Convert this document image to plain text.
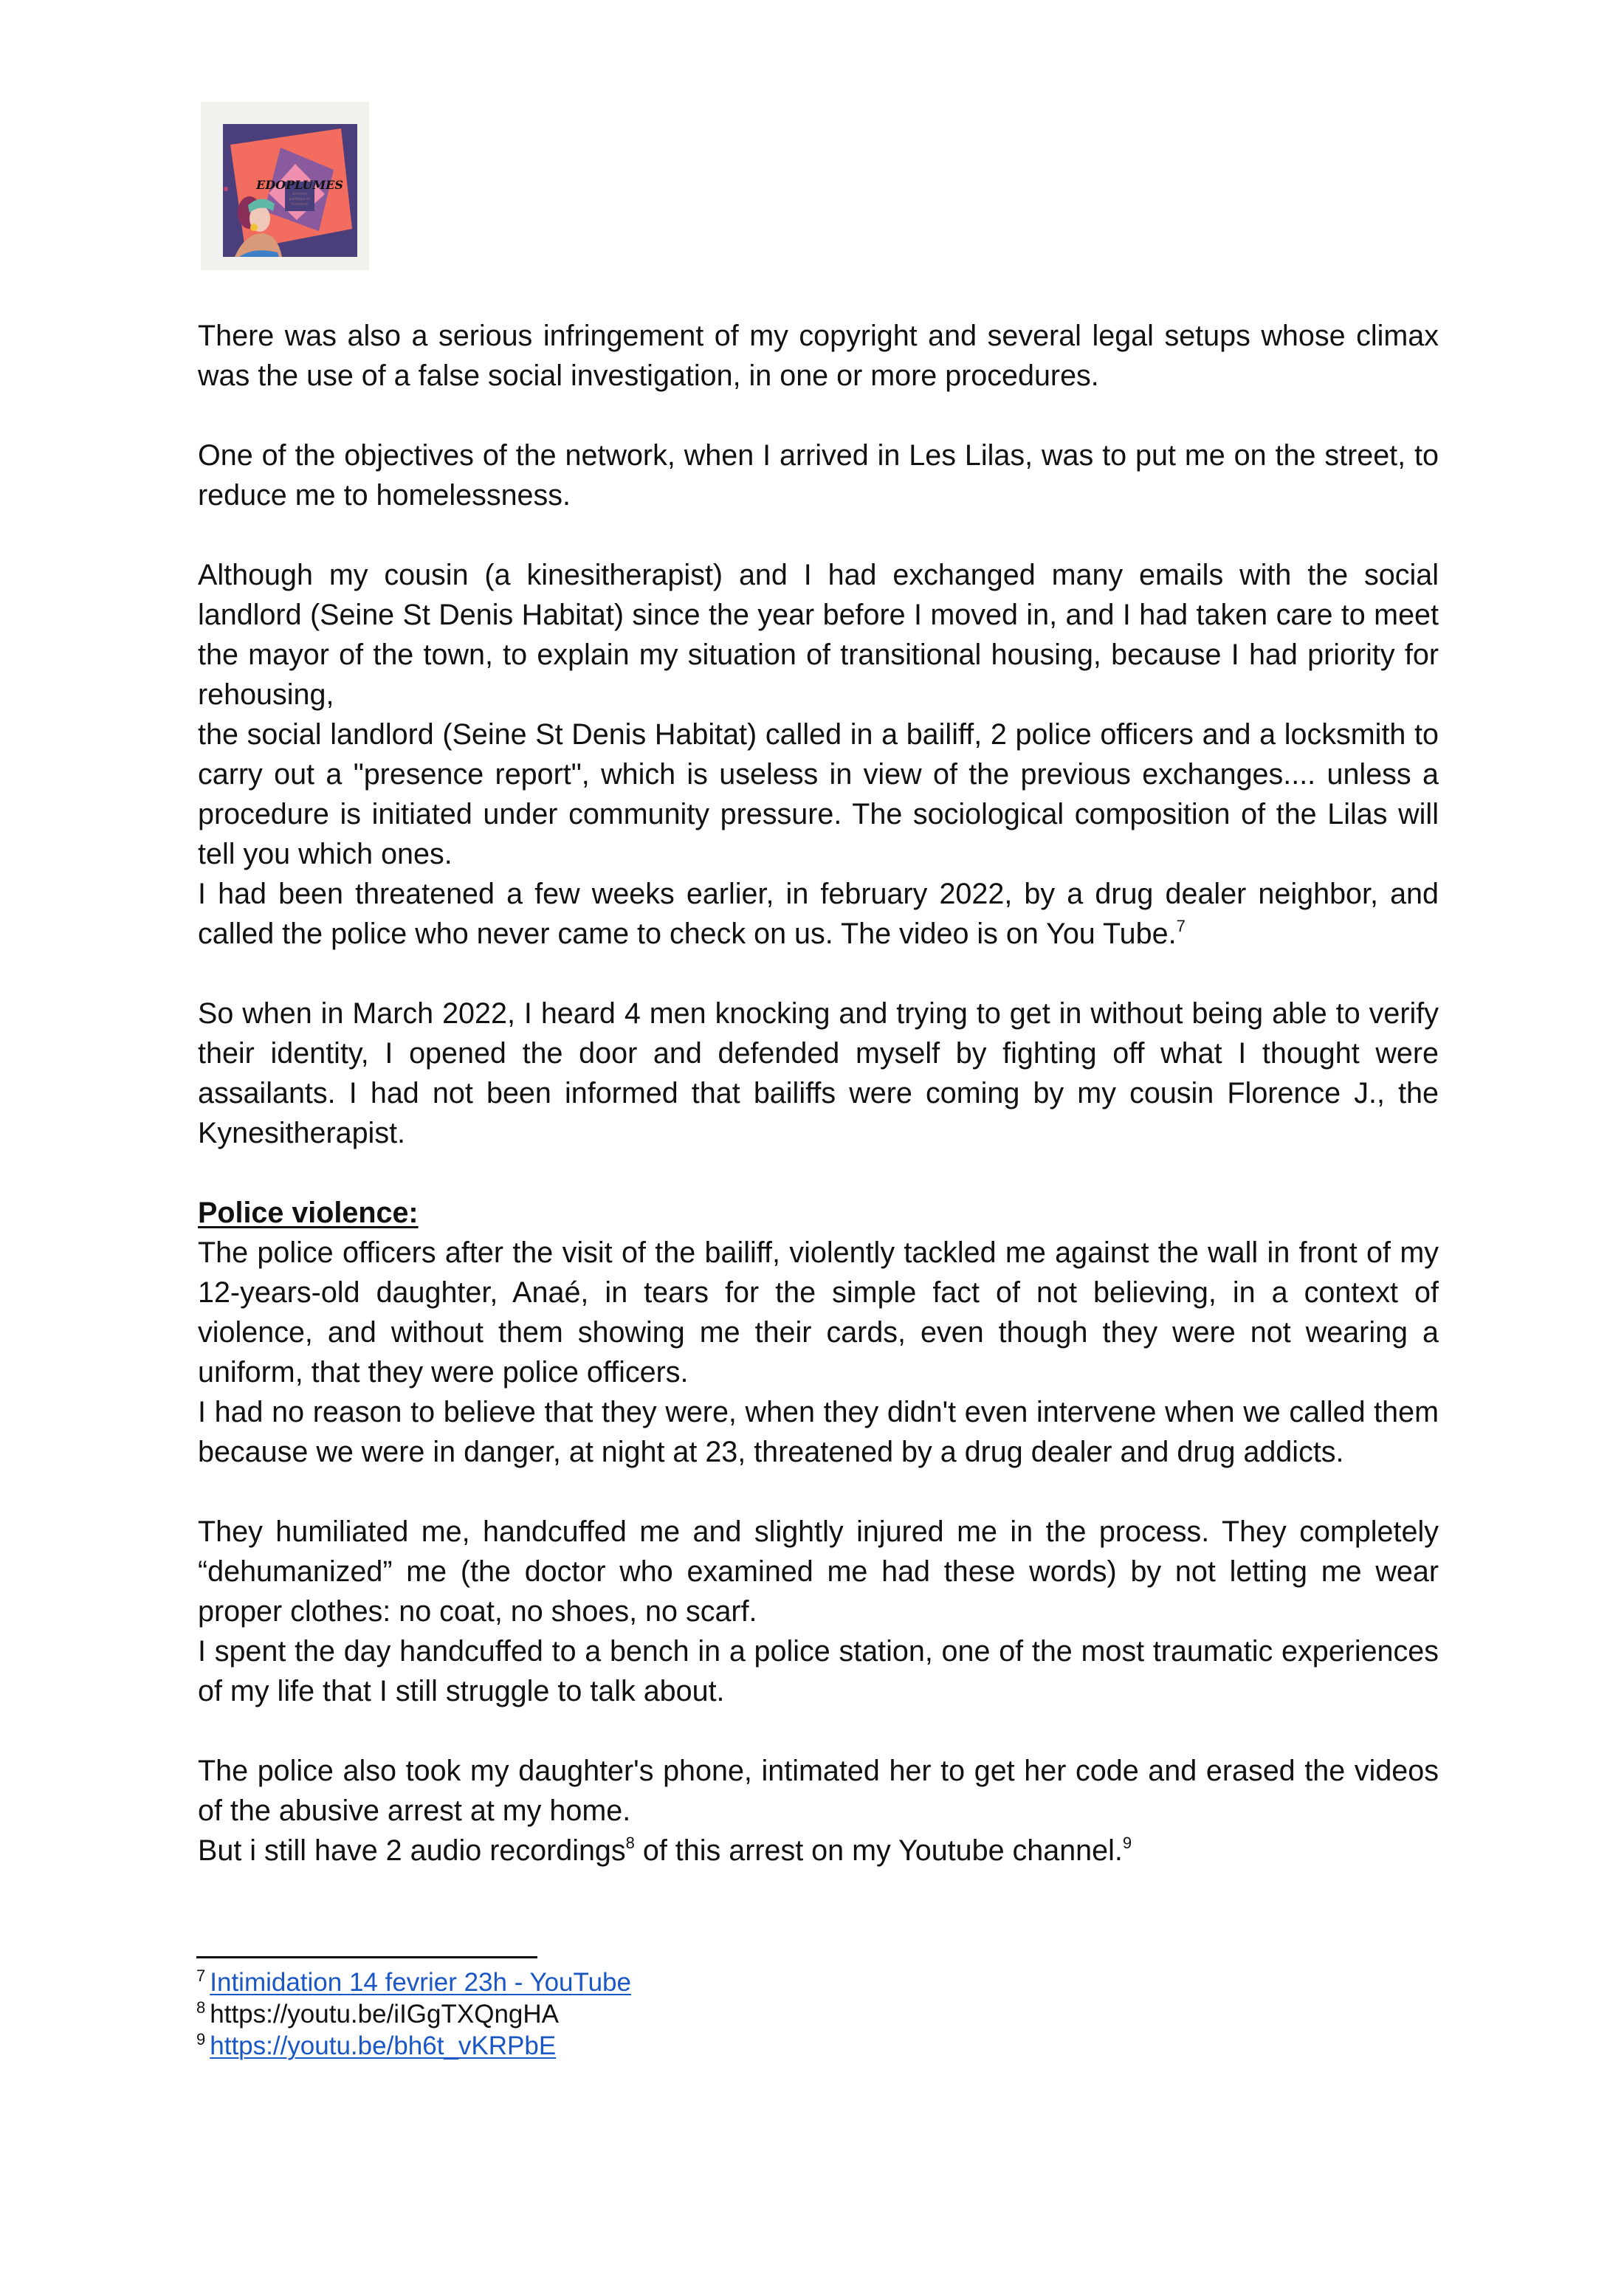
EDOPLUMES
écriture
politique et
humaine

There was also a serious infringement of my copyright and several legal setups whose climax was the use of a false social investigation, in one or more procedures.

One of the objectives of the network, when I arrived in Les Lilas, was to put me on the street, to reduce me to homelessness.

Although my cousin (a kinesitherapist) and I had exchanged many emails with the social landlord (Seine St Denis Habitat) since the year before I moved in, and I had taken care to meet the mayor of the town, to explain my situation of transitional housing, because I had priority for rehousing,

the social landlord (Seine St Denis Habitat) called in a bailiff, 2 police officers and a locksmith to carry out a "presence report", which is useless in view of the previous exchanges.... unless a procedure is initiated under community pressure. The sociological composition of the Lilas will tell you which ones.

I had been threatened a few weeks earlier, in february 2022, by a drug dealer neighbor, and called the police who never came to check on us. The video is on You Tube.$^7$

So when in March 2022, I heard 4 men knocking and trying to get in without being able to verify their identity, I opened the door and defended myself by fighting off what I thought were assailants. I had not been informed that bailiffs were coming by my cousin Florence J., the Kynesitherapist.

Police violence:

The police officers after the visit of the bailiff, violently tackled me against the wall in front of my 12-years-old daughter, Anaé, in tears for the simple fact of not believing, in a context of violence, and without them showing me their cards, even though they were not wearing a uniform, that they were police officers.

I had no reason to believe that they were, when they didn't even intervene when we called them because we were in danger, at night at 23, threatened by a drug dealer and drug addicts.

They humiliated me, handcuffed me and slightly injured me in the process. They completely “dehumanized” me (the doctor who examined me had these words) by not letting me wear proper clothes: no coat, no shoes, no scarf.

I spent the day handcuffed to a bench in a police station, one of the most traumatic experiences of my life that I still struggle to talk about.

The police also took my daughter's phone, intimated her to get her code and erased the videos of the abusive arrest at my home.

But i still have 2 audio recordings$^8$ of this arrest on my Youtube channel.$^9$

$^7$ Intimidation 14 fevrier 23h - YouTube
$^8$ https://youtu.be/iIGgTXQngHA
$^9$ https://youtu.be/bh6t_vKRPbE
